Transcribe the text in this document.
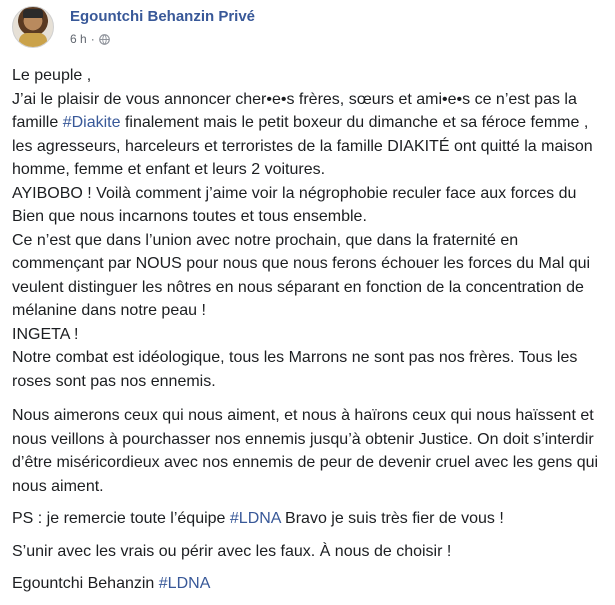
Egountchi Behanzin Privé
6 h ·

Le peuple ,
J’ai le plaisir de vous annoncer cher•e•s frères, sœurs et ami•e•s ce n’est pas la famille #Diakite finalement mais le petit boxeur du dimanche et sa féroce femme , les agresseurs, harceleurs et terroristes de la famille DIAKITÉ ont quitté la maison homme, femme et enfant et leurs 2 voitures.
AYIBOBO ! Voilà comment j’aime voir la négrophobie reculer face aux forces du Bien que nous incarnons toutes et tous ensemble.
Ce n’est que dans l’union avec notre prochain, que dans la fraternité en commençant par NOUS pour nous que nous ferons échouer les forces du Mal qui veulent distinguer les nôtres en nous séparant en fonction de la concentration de mélanine dans notre peau !
INGETA !
Notre combat est idéologique, tous les Marrons ne sont pas nos frères. Tous les roses sont pas nos ennemis.

Nous aimerons ceux qui nous aiment, et nous à haïrons ceux qui nous haïssent et nous veillons à pourchasser nos ennemis jusqu’à obtenir Justice. On doit s’interdir d’être miséricordieux avec nos ennemis de peur de devenir cruel avec les gens qui nous aiment.

PS : je remercie toute l’équipe #LDNA Bravo je suis très fier de vous !

S’unir avec les vrais ou périr avec les faux. À nous de choisir !

Egountchi Behanzin #LDNA
